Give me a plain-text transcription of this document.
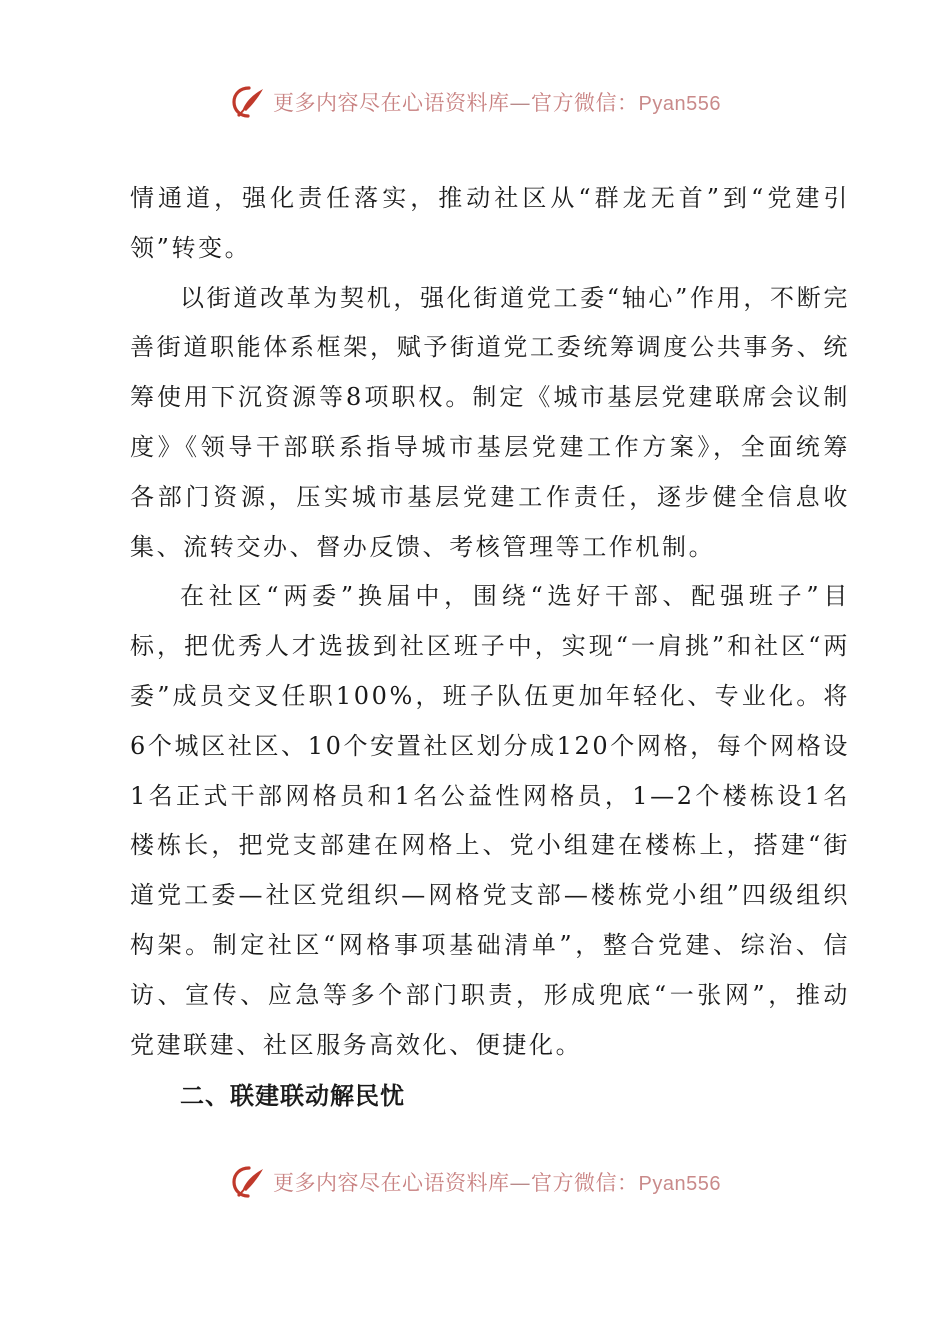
更多内容尽在心语资料库—官方微信：Pyan556

情通道，强化责任落实，推动社区从“群龙无首”到“党建引领”转变。

以街道改革为契机，强化街道党工委“轴心”作用，不断完善街道职能体系框架，赋予街道党工委统筹调度公共事务、统筹使用下沉资源等8项职权。制定《城市基层党建联席会议制度》《领导干部联系指导城市基层党建工作方案》，全面统筹各部门资源，压实城市基层党建工作责任，逐步健全信息收集、流转交办、督办反馈、考核管理等工作机制。

在社区“两委”换届中，围绕“选好干部、配强班子”目标，把优秀人才选拔到社区班子中，实现“一肩挑”和社区“两委”成员交叉任职100%，班子队伍更加年轻化、专业化。将6个城区社区、10个安置社区划分成120个网格，每个网格设1名正式干部网格员和1名公益性网格员，1—2个楼栋设1名楼栋长，把党支部建在网格上、党小组建在楼栋上，搭建“街道党工委—社区党组织—网格党支部—楼栋党小组”四级组织构架。制定社区“网格事项基础清单”，整合党建、综治、信访、宣传、应急等多个部门职责，形成兜底“一张网”，推动党建联建、社区服务高效化、便捷化。

二、联建联动解民忧
更多内容尽在心语资料库—官方微信：Pyan556
